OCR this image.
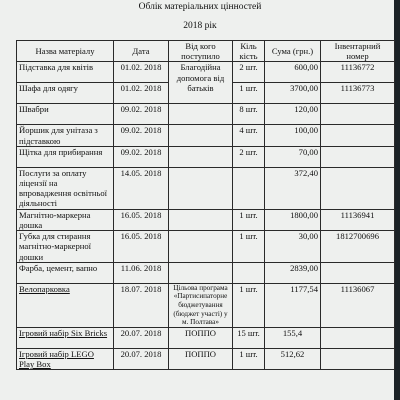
Облік матеріальних цінностей
2018 рік
Назва матеріалу	Дата	Від кого поступило	Кіль кість	Сума (грн.)	Інвентарний номер
Підставка для квітів	01.02. 2018	Благодійна допомога від батьків	2 шт.	600,00	11136772
Шафа для одягу	01.02. 2018		1 шт.	3700,00	11136773
Швабри	09.02. 2018		8 шт.	120,00	
Йоршик для унітаза з підставкою	09.02. 2018		4 шт.	100,00	
Щітка для прибирання	09.02. 2018		2 шт.	70,00	
Послуги за оплату ліцензії на впровадження освітньої діяльності	14.05. 2018			372,40	
Магнітно-маркерна дошка	16.05. 2018		1 шт.	1800,00	11136941
Губка для стирання магнітно-маркерної дошки	16.05. 2018		1 шт.	30,00	1812700696
Фарба, цемент, вапно	11.06. 2018			2839,00	
Велопарковка	18.07. 2018	Цільова програма «Партисипаторне бюджетування (бюджет участі) у м. Полтава»	1 шт.	1177,54	11136067
Ігровий набір Six Bricks	20.07. 2018	ПОППО	15 шт.	155,4	
Ігровий набір LEGO Play Box	20.07. 2018	ПОППО	1 шт.	512,62	
